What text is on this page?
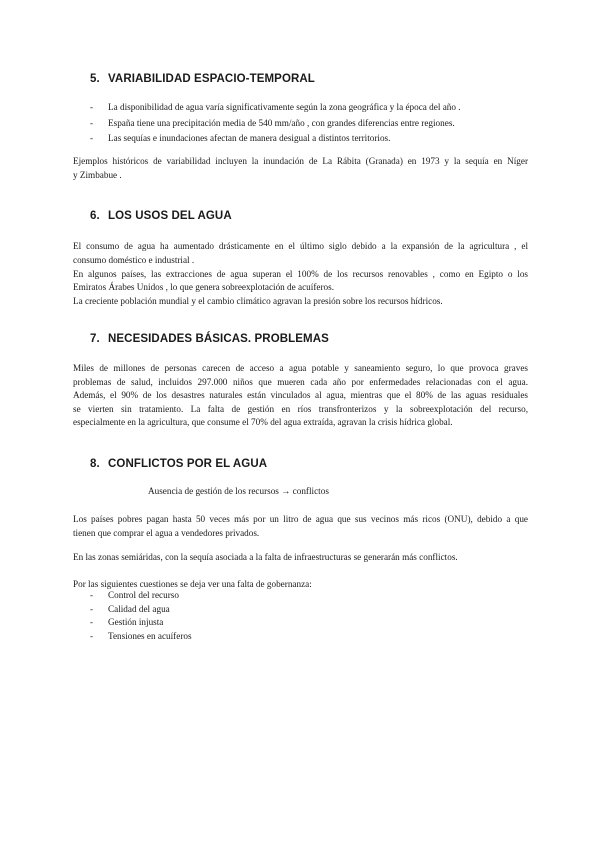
5. VARIABILIDAD ESPACIO-TEMPORAL
- La disponibilidad de agua varía significativamente según la zona geográfica y la época del año .
- España tiene una precipitación media de 540 mm/año , con grandes diferencias entre regiones.
- Las sequías e inundaciones afectan de manera desigual a distintos territorios.
Ejemplos históricos de variabilidad incluyen la inundación de La Rábita (Granada) en 1973 y la sequía en Níger
y Zimbabue .
6. LOS USOS DEL AGUA
El consumo de agua ha aumentado drásticamente en el último siglo debido a la expansión de la agricultura , el
consumo doméstico e industrial .
En algunos países, las extracciones de agua superan el 100% de los recursos renovables , como en Egipto o los
Emiratos Árabes Unidos , lo que genera sobreexplotación de acuíferos.
La creciente población mundial y el cambio climático agravan la presión sobre los recursos hídricos.
7. NECESIDADES BÁSICAS. PROBLEMAS
Miles de millones de personas carecen de acceso a agua potable y saneamiento seguro, lo que provoca graves
problemas de salud, incluidos 297.000 niños que mueren cada año por enfermedades relacionadas con el agua.
Además, el 90% de los desastres naturales están vinculados al agua, mientras que el 80% de las aguas residuales
se vierten sin tratamiento. La falta de gestión en ríos transfronterizos y la sobreexplotación del recurso,
especialmente en la agricultura, que consume el 70% del agua extraída, agravan la crisis hídrica global.
8. CONFLICTOS POR EL AGUA
Ausencia de gestión de los recursos → conflictos
Los países pobres pagan hasta 50 veces más por un litro de agua que sus vecinos más ricos (ONU), debido a que
tienen que comprar el agua a vendedores privados.
En las zonas semiáridas, con la sequía asociada a la falta de infraestructuras se generarán más conflictos.
Por las siguientes cuestiones se deja ver una falta de gobernanza:
- Control del recurso
- Calidad del agua
- Gestión injusta
- Tensiones en acuíferos
